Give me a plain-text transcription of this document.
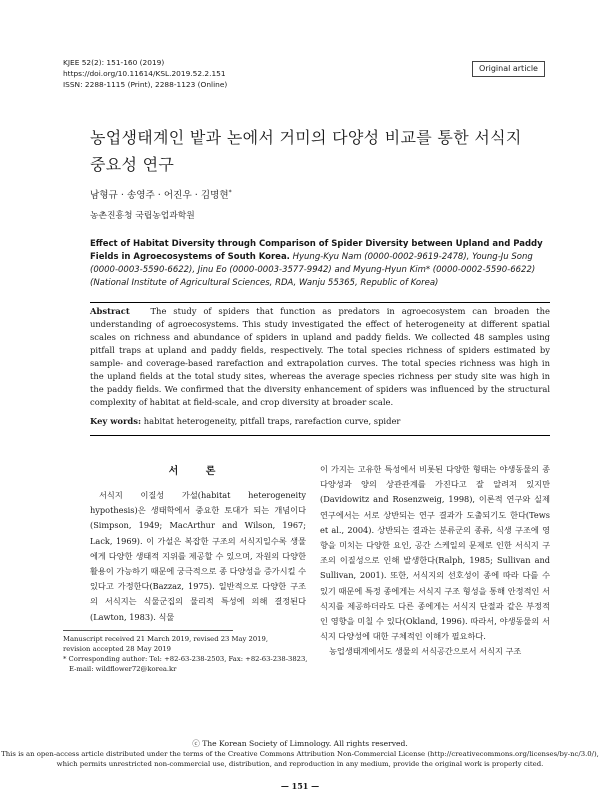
KJEE 52(2): 151-160 (2019)
https://doi.org/10.11614/KSL.2019.52.2.151
ISSN: 2288-1115 (Print), 2288-1123 (Online)
Original article
농업생태계인 밭과 논에서 거미의 다양성 비교를 통한 서식지
중요성 연구
남형규 · 송영주 · 어진우 · 김명현*
농촌진흥청 국립농업과학원
Effect of Habitat Diversity through Comparison of Spider Diversity between Upland and Paddy Fields in Agroecosystems of South Korea. Hyung-Kyu Nam (0000-0002-9619-2478), Young-Ju Song (0000-0003-5590-6622), Jinu Eo (0000-0003-3577-9942) and Myung-Hyun Kim* (0000-0002-5590-6622) (National Institute of Agricultural Sciences, RDA, Wanju 55365, Republic of Korea)
Abstract The study of spiders that function as predators in agroecosystem can broaden the understanding of agroecosystems. This study investigated the effect of heterogeneity at different spatial scales on richness and abundance of spiders in upland and paddy fields. We collected 48 samples using pitfall traps at upland and paddy fields, respectively. The total species richness of spiders estimated by sample- and coverage-based rarefaction and extrapolation curves. The total species richness was high in the upland fields at the total study sites, whereas the average species richness per study site was high in the paddy fields. We confirmed that the diversity enhancement of spiders was influenced by the structural complexity of habitat at field-scale, and crop diversity at broader scale.
Key words: habitat heterogeneity, pitfall traps, rarefaction curve, spider
서 론

서식지 이질성 가설(habitat heterogeneity hypothesis)은 생태학에서 중요한 토대가 되는 개념이다(Simpson, 1949; MacArthur and Wilson, 1967; Lack, 1969). 이 가설은 복잡한 구조의 서식지일수록 생물에게 다양한 생태적 지위를 제공할 수 있으며, 자원의 다양한 활용이 가능하기 때문에 궁극적으로 종 다양성을 증가시킬 수 있다고 가정한다(Bazzaz, 1975). 일반적으로 다양한 구조의 서식지는 식물군집의 물리적 특성에 의해 결정된다(Lawton, 1983). 식물

이 가지는 고유한 특성에서 비롯된 다양한 형태는 야생동물의 종 다양성과 양의 상관관계를 가진다고 잘 알려져 있지만(Davidowitz and Rosenzweig, 1998), 이론적 연구와 실제 연구에서는 서로 상반되는 연구 결과가 도출되기도 한다(Tews et al., 2004). 상반되는 결과는 분류군의 종류, 식생 구조에 영향을 미치는 다양한 요인, 공간 스케일의 문제로 인한 서식지 구조의 이질성으로 인해 발생한다(Ralph, 1985; Sullivan and Sullivan, 2001). 또한, 서식지의 선호성이 종에 따라 다를 수 있기 때문에 특정 종에게는 서식지 구조 형성을 통해 안정적인 서식지를 제공하더라도 다른 종에게는 서식지 단절과 같은 부정적인 영향을 미칠 수 있다(Okland, 1996). 따라서, 야생동물의 서식지 다양성에 대한 구체적인 이해가 필요하다.

농업생태계에서도 생물의 서식공간으로서 서식지 구조

Manuscript received 21 March 2019, revised 23 May 2019,
revision accepted 28 May 2019
* Corresponding author: Tel: +82-63-238-2503, Fax: +82-63-238-3823,
E-mail: wildflower72@korea.kr
ⓒ The Korean Society of Limnology. All rights reserved.
This is an open-access article distributed under the terms of the Creative Commons Attribution Non-Commercial License (http://creativecommons.org/licenses/by-nc/3.0/),
which permits unrestricted non-commercial use, distribution, and reproduction in any medium, provide the original work is properly cited.
— 151 —
